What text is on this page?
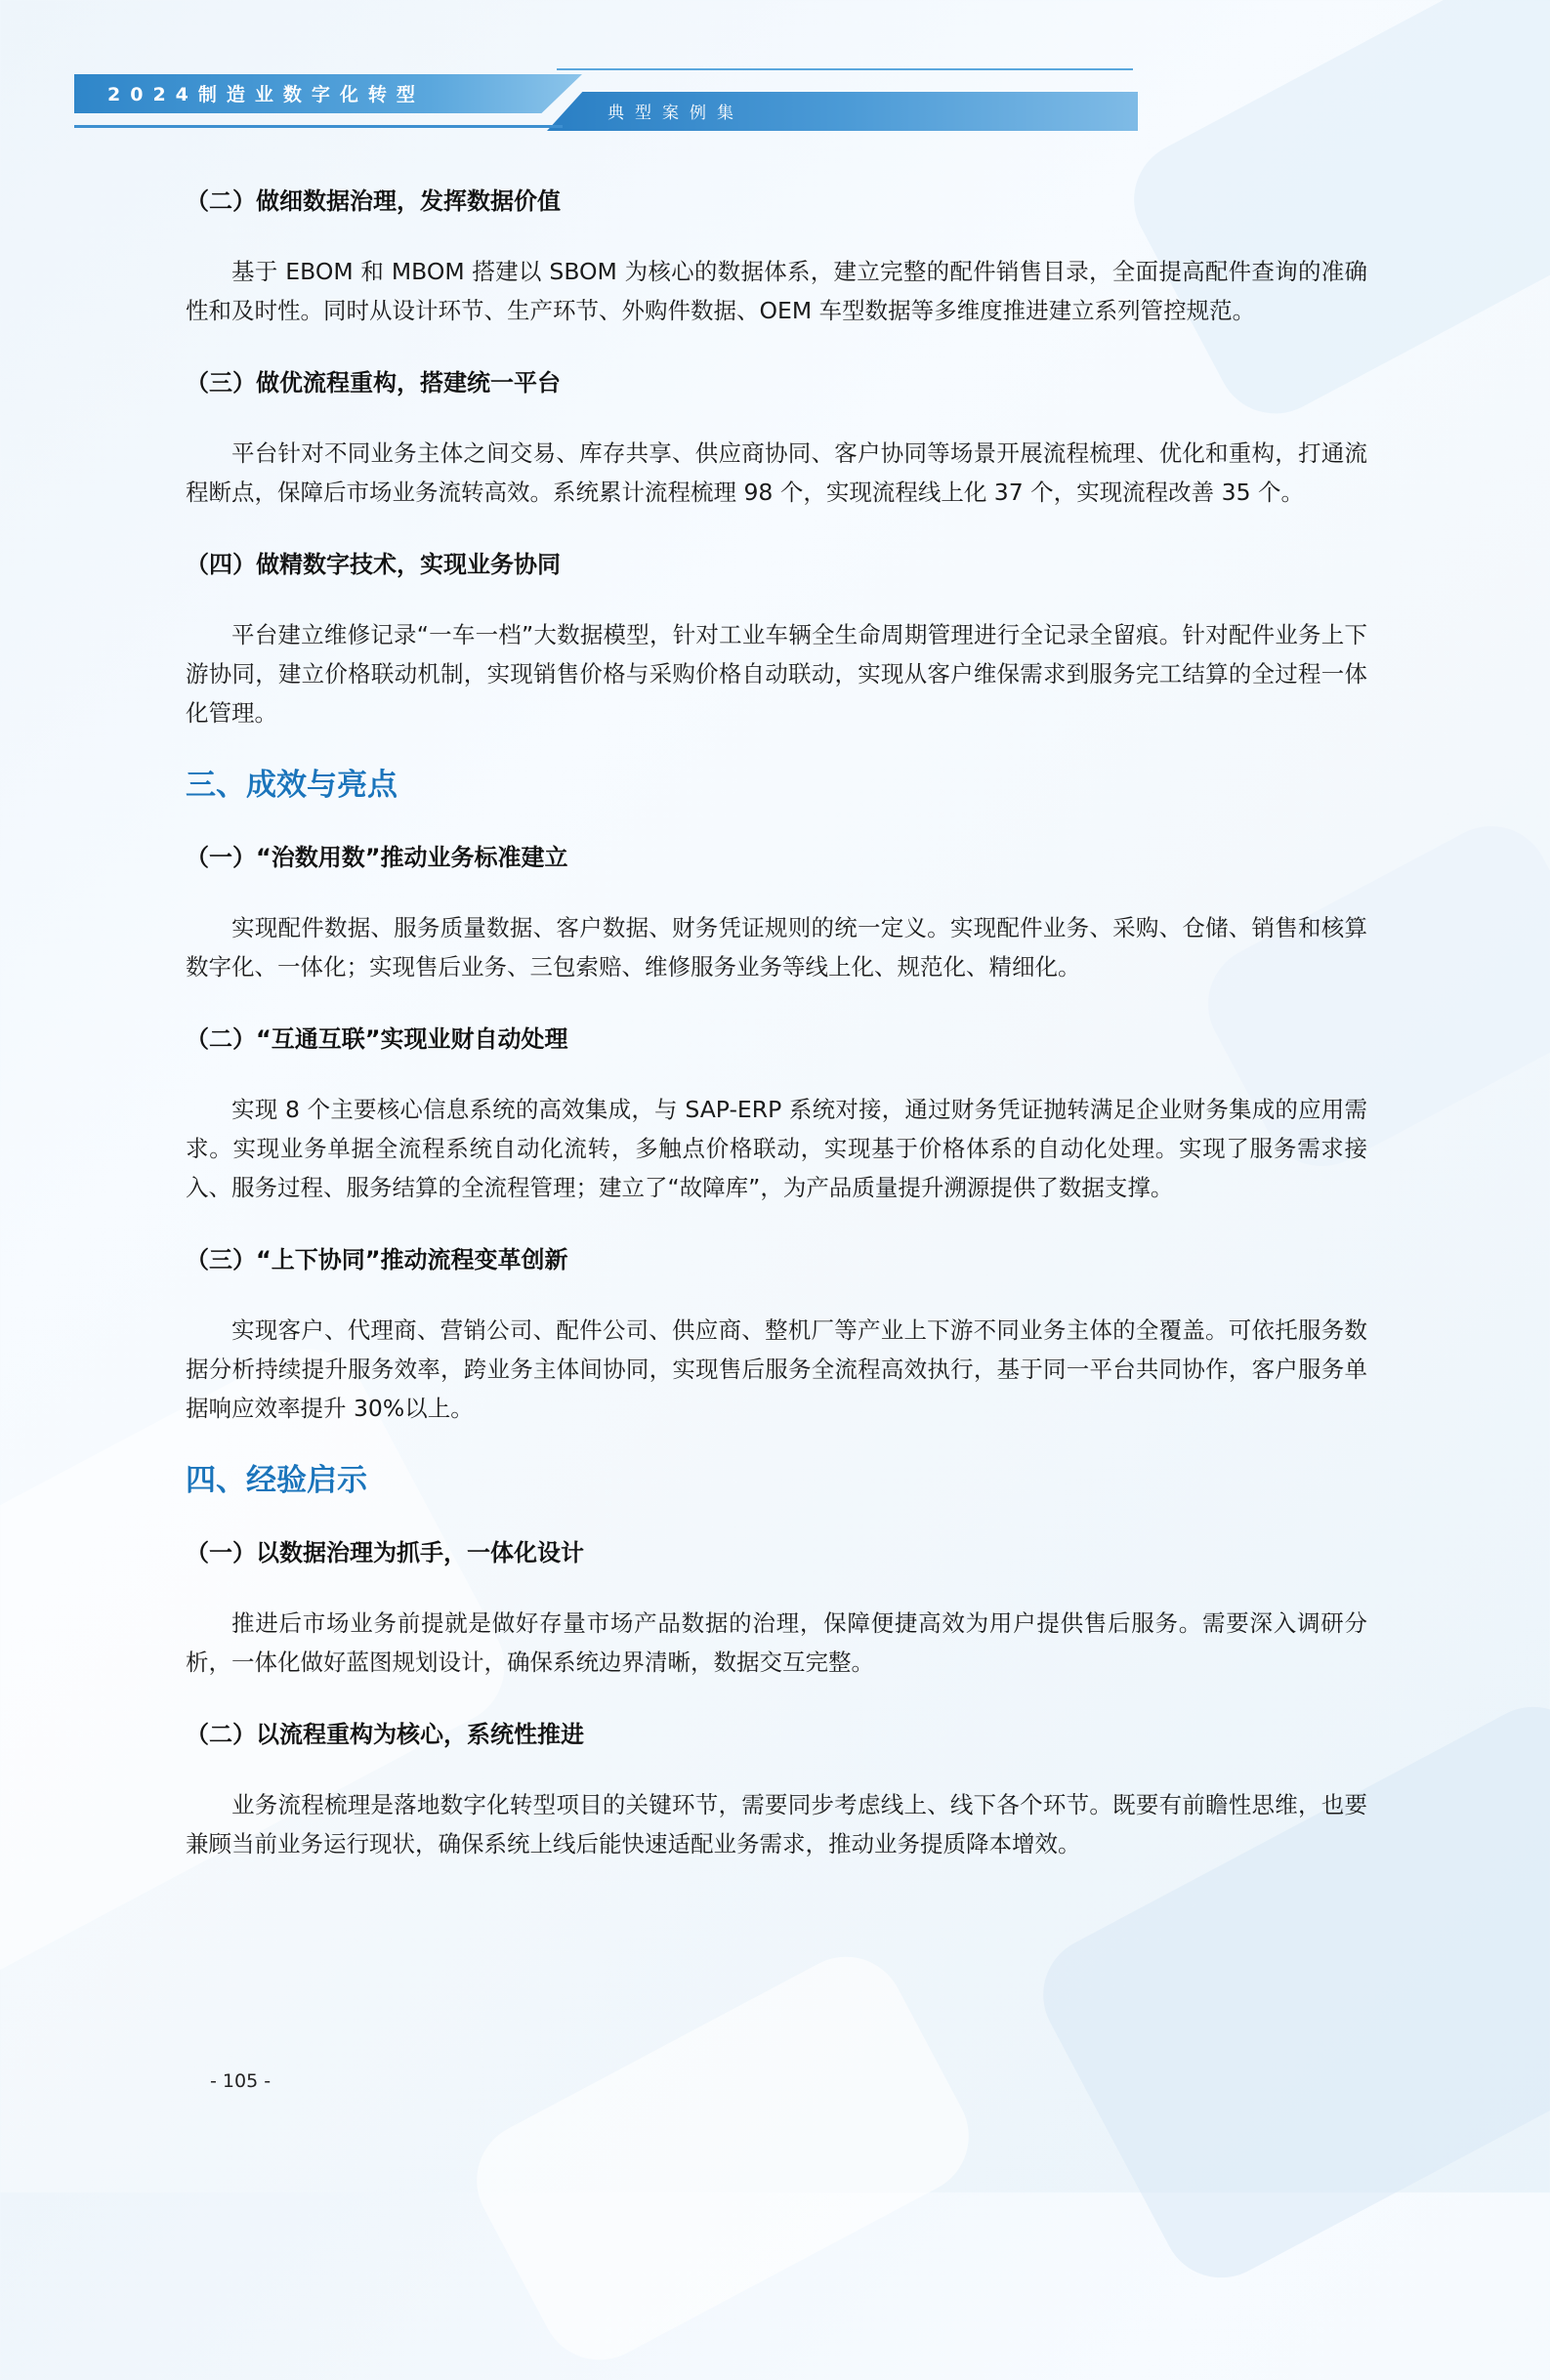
2024制造业数字化转型
典型案例集

（二）做细数据治理，发挥数据价值

基于 EBOM 和 MBOM 搭建以 SBOM 为核心的数据体系，建立完整的配件销售目录，全面提高配件查询的准确性和及时性。同时从设计环节、生产环节、外购件数据、OEM 车型数据等多维度推进建立系列管控规范。

（三）做优流程重构，搭建统一平台

平台针对不同业务主体之间交易、库存共享、供应商协同、客户协同等场景开展流程梳理、优化和重构，打通流程断点，保障后市场业务流转高效。系统累计流程梳理 98 个，实现流程线上化 37 个，实现流程改善 35 个。

（四）做精数字技术，实现业务协同

平台建立维修记录“一车一档”大数据模型，针对工业车辆全生命周期管理进行全记录全留痕。针对配件业务上下游协同，建立价格联动机制，实现销售价格与采购价格自动联动，实现从客户维保需求到服务完工结算的全过程一体化管理。

三、成效与亮点

（一）“治数用数”推动业务标准建立

实现配件数据、服务质量数据、客户数据、财务凭证规则的统一定义。实现配件业务、采购、仓储、销售和核算数字化、一体化；实现售后业务、三包索赔、维修服务业务等线上化、规范化、精细化。

（二）“互通互联”实现业财自动处理

实现 8 个主要核心信息系统的高效集成，与 SAP-ERP 系统对接，通过财务凭证抛转满足企业财务集成的应用需求。实现业务单据全流程系统自动化流转，多触点价格联动，实现基于价格体系的自动化处理。实现了服务需求接入、服务过程、服务结算的全流程管理；建立了“故障库”，为产品质量提升溯源提供了数据支撑。

（三）“上下协同”推动流程变革创新

实现客户、代理商、营销公司、配件公司、供应商、整机厂等产业上下游不同业务主体的全覆盖。可依托服务数据分析持续提升服务效率，跨业务主体间协同，实现售后服务全流程高效执行，基于同一平台共同协作，客户服务单据响应效率提升 30%以上。

四、经验启示

（一）以数据治理为抓手，一体化设计

推进后市场业务前提就是做好存量市场产品数据的治理，保障便捷高效为用户提供售后服务。需要深入调研分析，一体化做好蓝图规划设计，确保系统边界清晰，数据交互完整。

（二）以流程重构为核心，系统性推进

业务流程梳理是落地数字化转型项目的关键环节，需要同步考虑线上、线下各个环节。既要有前瞻性思维，也要兼顾当前业务运行现状，确保系统上线后能快速适配业务需求，推动业务提质降本增效。

- 105 -
